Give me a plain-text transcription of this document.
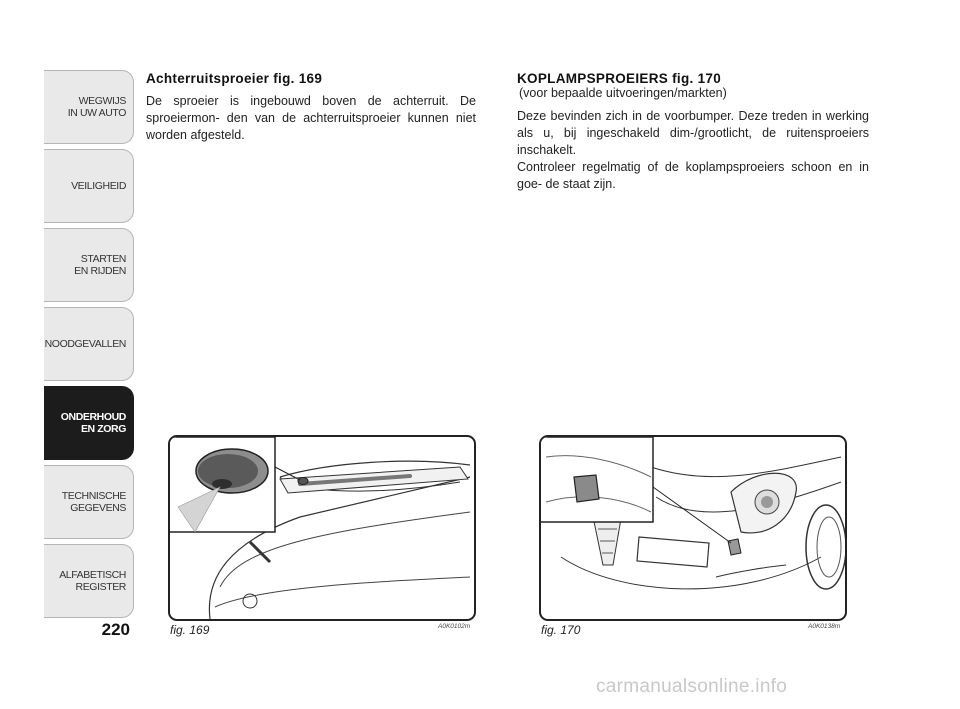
WEGWIJS
IN UW AUTO
VEILIGHEID
STARTEN
EN RIJDEN
NOODGEVALLEN
ONDERHOUD
EN ZORG
TECHNISCHE
GEGEVENS
ALFABETISCH
REGISTER
220
Achterruitsproeier fig. 169

De sproeier is ingebouwd boven de achterruit. De sproeiermon- den van de achterruitsproeier kunnen niet worden afgesteld.

KOPLAMPSPROEIERS fig. 170
(voor bepaalde uitvoeringen/markten)

Deze bevinden zich in de voorbumper. Deze treden in werking als u, bij ingeschakeld dim-/grootlicht, de ruitensproeiers inschakelt.

Controleer regelmatig of de koplampsproeiers schoon en in goe- de staat zijn.

fig. 169	A0K0102m	fig. 170	A0K0138m
carmanualsonline.info
